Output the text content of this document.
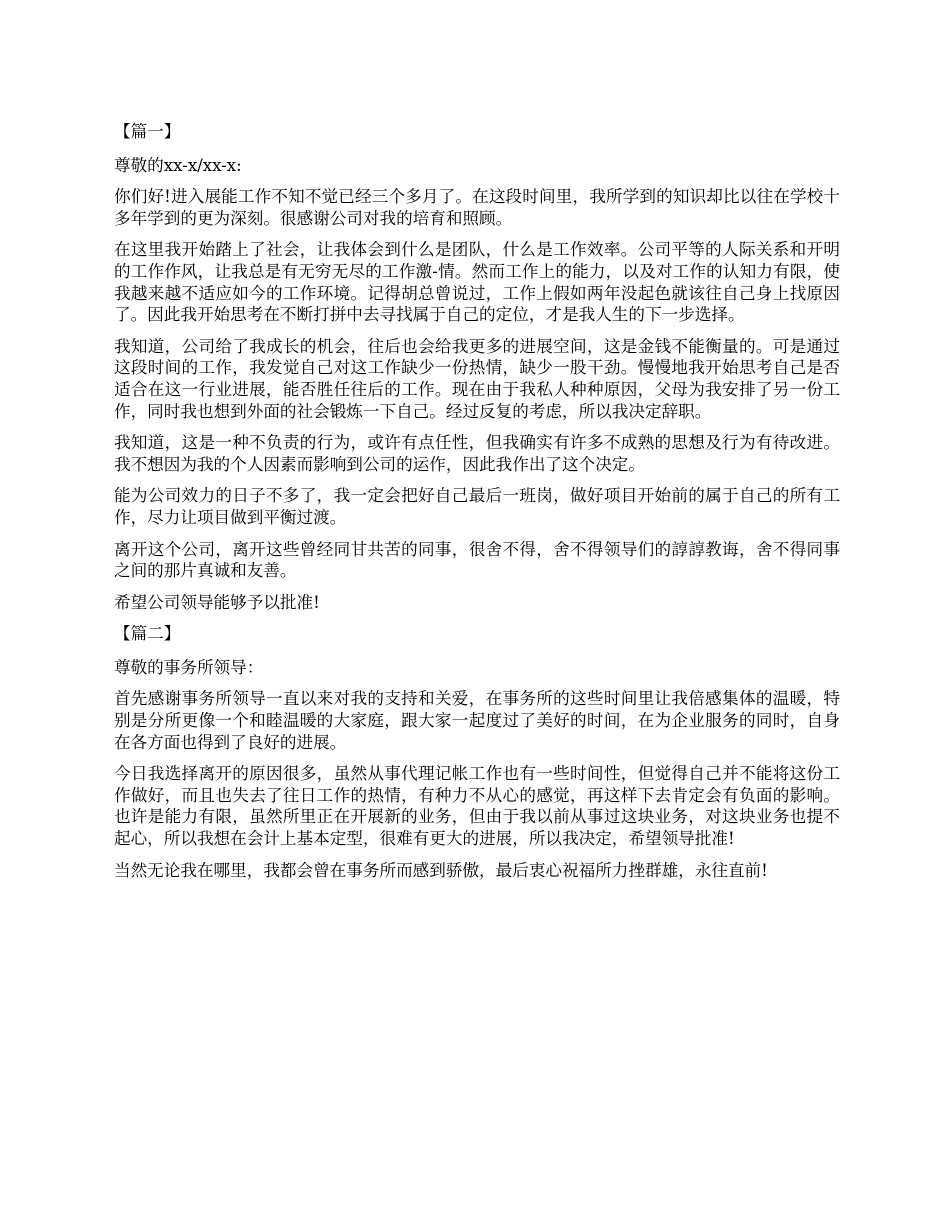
【篇一】

尊敬的xx-x/xx-x:

你们好!进入展能工作不知不觉已经三个多月了。在这段时间里，我所学到的知识却比以往在学校十多年学到的更为深刻。很感谢公司对我的培育和照顾。

在这里我开始踏上了社会，让我体会到什么是团队，什么是工作效率。公司平等的人际关系和开明的工作作风，让我总是有无穷无尽的工作激-情。然而工作上的能力，以及对工作的认知力有限，使我越来越不适应如今的工作环境。记得胡总曾说过，工作上假如两年没起色就该往自己身上找原因了。因此我开始思考在不断打拼中去寻找属于自己的定位，才是我人生的下一步选择。

我知道，公司给了我成长的机会，往后也会给我更多的进展空间，这是金钱不能衡量的。可是通过这段时间的工作，我发觉自己对这工作缺少一份热情，缺少一股干劲。慢慢地我开始思考自己是否适合在这一行业进展，能否胜任往后的工作。现在由于我私人种种原因，父母为我安排了另一份工作，同时我也想到外面的社会锻炼一下自己。经过反复的考虑，所以我决定辞职。

我知道，这是一种不负责的行为，或许有点任性，但我确实有许多不成熟的思想及行为有待改进。我不想因为我的个人因素而影响到公司的运作，因此我作出了这个决定。

能为公司效力的日子不多了，我一定会把好自己最后一班岗，做好项目开始前的属于自己的所有工作，尽力让项目做到平衡过渡。

离开这个公司，离开这些曾经同甘共苦的同事，很舍不得，舍不得领导们的諄諄教诲，舍不得同事之间的那片真诚和友善。

希望公司领导能够予以批准!

【篇二】

尊敬的事务所领导：

首先感谢事务所领导一直以来对我的支持和关爱，在事务所的这些时间里让我倍感集体的温暖，特别是分所更像一个和睦温暖的大家庭，跟大家一起度过了美好的时间，在为企业服务的同时，自身在各方面也得到了良好的进展。

今日我选择离开的原因很多，虽然从事代理记帐工作也有一些时间性，但觉得自己并不能将这份工作做好，而且也失去了往日工作的热情，有种力不从心的感觉，再这样下去肯定会有负面的影响。也许是能力有限，虽然所里正在开展新的业务，但由于我以前从事过这块业务，对这块业务也提不起心，所以我想在会计上基本定型，很难有更大的进展，所以我决定，希望领导批准!

当然无论我在哪里，我都会曾在事务所而感到骄傲，最后衷心祝福所力挫群雄，永往直前!
